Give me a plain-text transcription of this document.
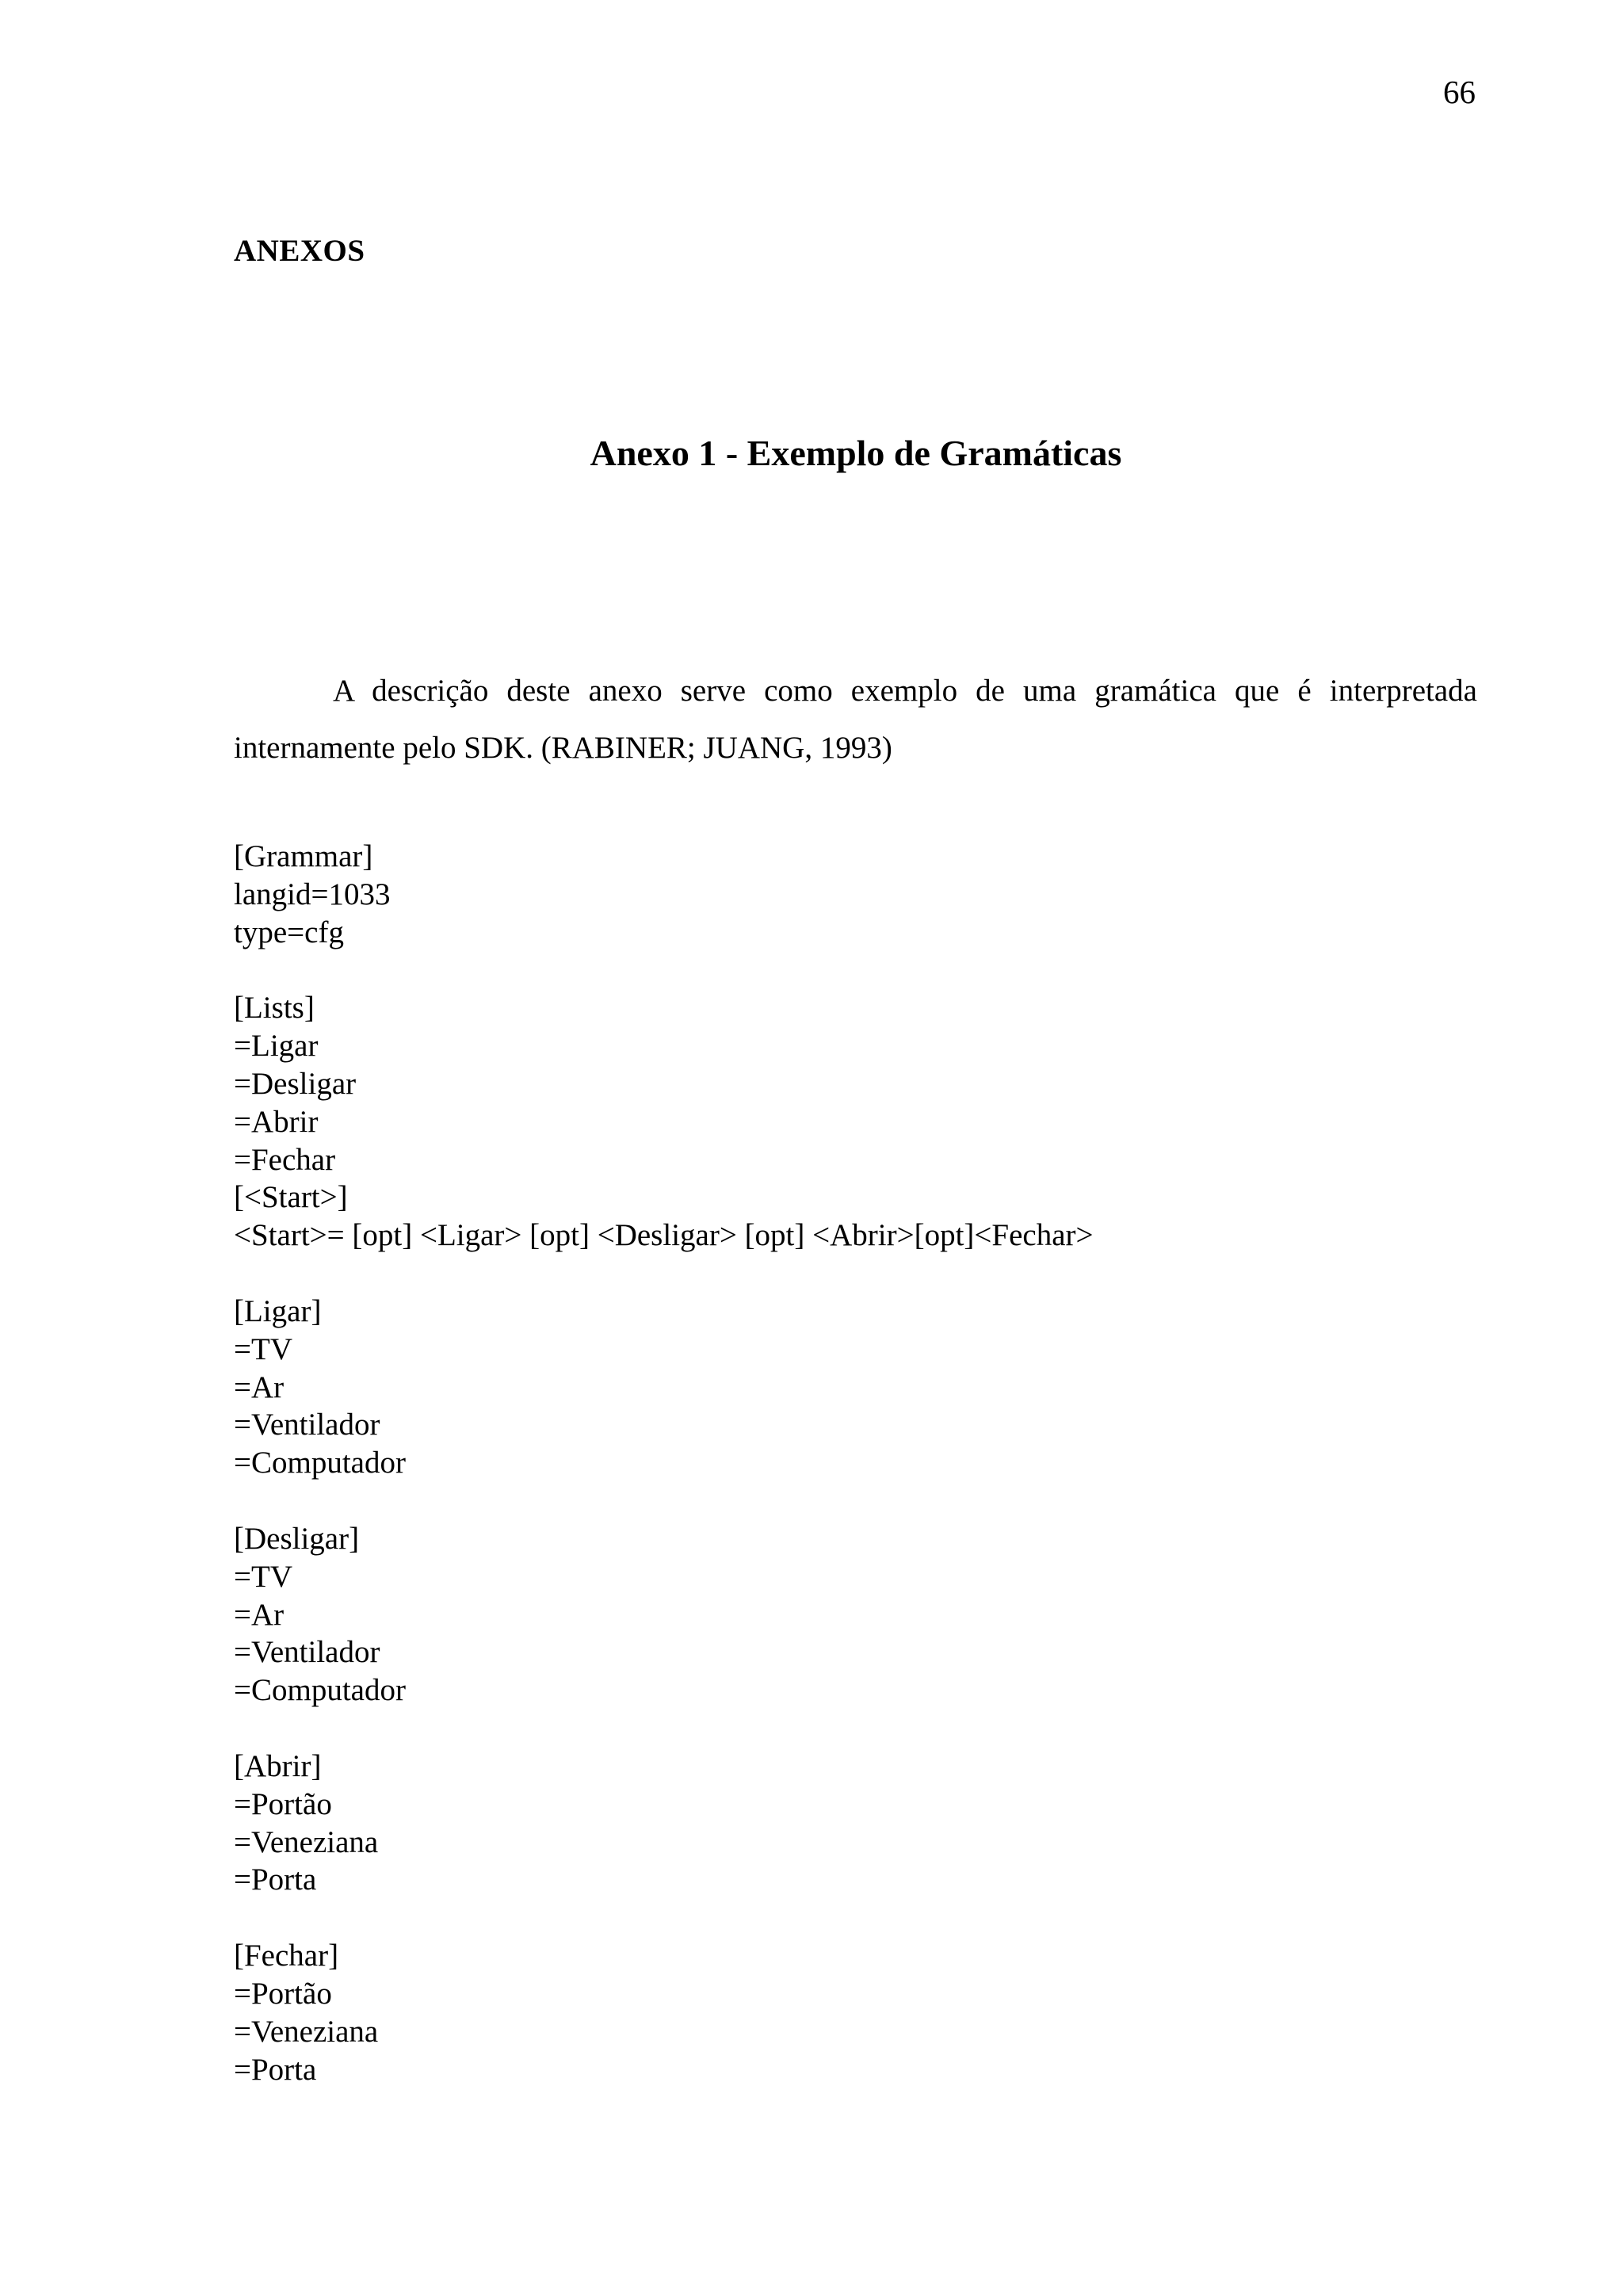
66
ANEXOS
Anexo 1 - Exemplo de Gramáticas

A descrição deste anexo serve como exemplo de uma gramática que é interpretada internamente pelo SDK. (RABINER; JUANG, 1993)

[Grammar]
langid=1033
type=cfg
[Lists]
=Ligar
=Desligar
=Abrir
=Fechar
[<Start>]
<Start>= [opt] <Ligar> [opt] <Desligar> [opt] <Abrir>[opt]<Fechar>
[Ligar]
=TV
=Ar
=Ventilador
=Computador
[Desligar]
=TV
=Ar
=Ventilador
=Computador
[Abrir]
=Portão
=Veneziana
=Porta
[Fechar]
=Portão
=Veneziana
=Porta
